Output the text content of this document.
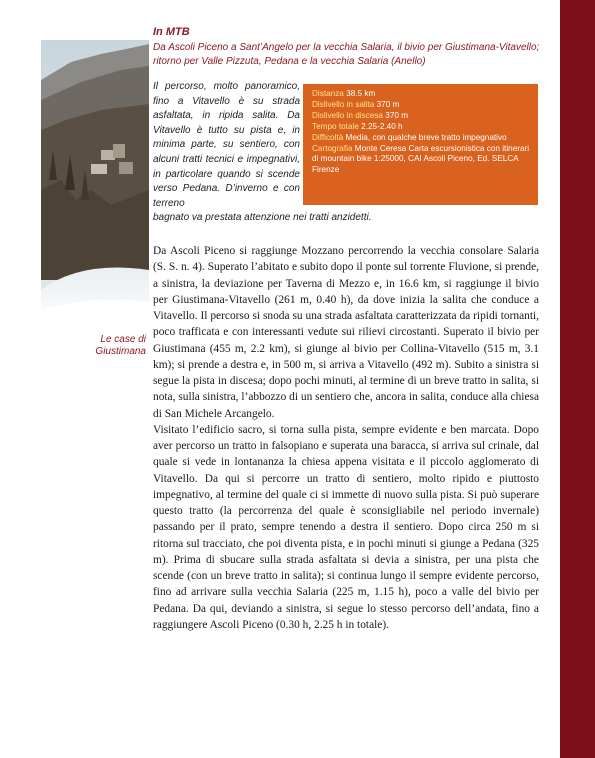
Le case di Giustimana
In MTB
Da Ascoli Piceno a Sant’Angelo per la vecchia Salaria, il bivio per Giustimana-Vitavello; ritorno per Valle Pizzuta, Pedana e la vecchia Salaria (Anello)
Il percorso, molto panoramico, fino a Vitavello è su strada asfaltata, in ripida salita. Da Vitavello è tutto su pista e, in minima parte, su sentiero, con alcuni tratti tecnici e impegnativi, in particolare quando si scende verso Pedana. D’inverno e con terreno
bagnato va prestata attenzione nei tratti anzidetti.

Distanza 38.5 km

Dislivello in salita 370 m

Dislivello in discesa 370 m

Tempo totale 2.25-2.40 h

Difficoltà Media, con qualche breve tratto impegnativo

Cartografia Monte Ceresa Carta escursionistica con itinerari di mountain bike 1:25000, CAI Ascoli Piceno, Ed. SELCA Firenze

Da Ascoli Piceno si raggiunge Mozzano percorrendo la vecchia consolare Salaria (S. S. n. 4). Superato l’abitato e subito dopo il ponte sul torrente Fluvione, si prende, a sinistra, la deviazione per Taverna di Mezzo e, in 16.6 km, si raggiunge il bivio per Giustimana-Vitavello (261 m, 0.40 h), da dove inizia la salita che conduce a Vitavello. Il percorso si snoda su una strada asfaltata caratterizzata da ripidi tornanti, poco trafficata e con interessanti vedute sui rilievi circostanti. Superato il bivio per Giustimana (455 m, 2.2 km), si giunge al bivio per Collina-Vitavello (515 m, 3.1 km); si prende a destra e, in 500 m, si arriva a Vitavello (492 m). Subito a sinistra si segue la pista in discesa; dopo pochi minuti, al termine di un breve tratto in salita, si nota, sulla sinistra, l’abbozzo di un sentiero che, ancora in salita, conduce alla chiesa di San Michele Arcangelo.

Visitato l’edificio sacro, si torna sulla pista, sempre evidente e ben marcata. Dopo aver percorso un tratto in falsopiano e superata una baracca, si arriva sul crinale, dal quale si vede in lontananza la chiesa appena visitata e il piccolo agglomerato di Vitavello. Da qui si percorre un tratto di sentiero, molto ripido e piuttosto impegnativo, al termine del quale ci si immette di nuovo sulla pista. Si può superare questo tratto (la percorrenza del quale è sconsigliabile nel periodo invernale) passando per il prato, sempre tenendo a destra il sentiero. Dopo circa 250 m si ritorna sul tracciato, che poi diventa pista, e in pochi minuti si giunge a Pedana (325 m). Prima di sbucare sulla strada asfaltata si devia a sinistra, per una pista che scende (con un breve tratto in salita); si continua lungo il sempre evidente percorso, fino ad arrivare sulla vecchia Salaria (225 m, 1.15 h), poco a valle del bivio per Pedana. Da qui, deviando a sinistra, si segue lo stesso percorso dell’andata, fino a raggiungere Ascoli Piceno (0.30 h, 2.25 h in totale).
